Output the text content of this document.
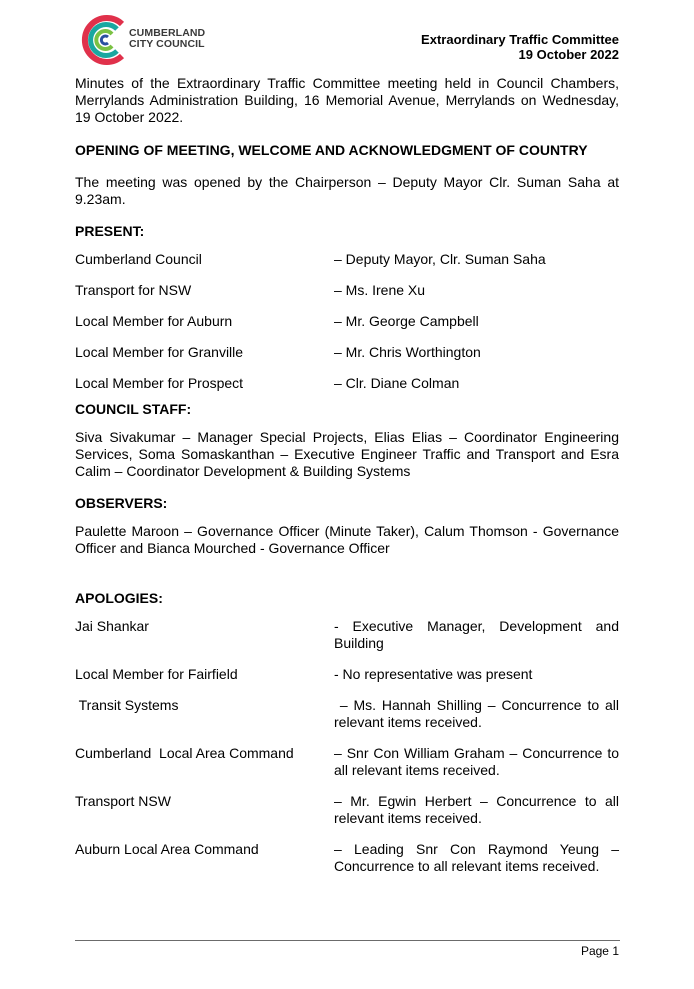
CUMBERLAND
CITY COUNCIL	Extraordinary Traffic Committee
19 October 2022

Minutes of the Extraordinary Traffic Committee meeting held in Council Chambers, Merrylands Administration Building, 16 Memorial Avenue, Merrylands on Wednesday, 19 October 2022.

OPENING OF MEETING, WELCOME AND ACKNOWLEDGMENT OF COUNTRY

The meeting was opened by the Chairperson – Deputy Mayor Clr. Suman Saha at 9.23am.

PRESENT:

Cumberland Council	– Deputy Mayor, Clr. Suman Saha
Transport for NSW	– Ms. Irene Xu
Local Member for Auburn	– Mr. George Campbell
Local Member for Granville	– Mr. Chris Worthington
Local Member for Prospect	– Clr. Diane Colman

COUNCIL STAFF:

Siva Sivakumar – Manager Special Projects, Elias Elias – Coordinator Engineering Services, Soma Somaskanthan – Executive Engineer Traffic and Transport and Esra Calim – Coordinator Development & Building Systems

OBSERVERS:

Paulette Maroon – Governance Officer (Minute Taker), Calum Thomson - Governance Officer and Bianca Mourched - Governance Officer

APOLOGIES:

Jai Shankar	- Executive Manager, Development and Building
Local Member for Fairfield	- No representative was present
Transit Systems	– Ms. Hannah Shilling – Concurrence to all relevant items received.
Cumberland  Local Area Command	– Snr Con William Graham – Concurrence to all relevant items received.
Transport NSW	– Mr. Egwin Herbert – Concurrence to all relevant items received.
Auburn Local Area Command	– Leading Snr Con Raymond Yeung – Concurrence to all relevant items received.
Page 1
